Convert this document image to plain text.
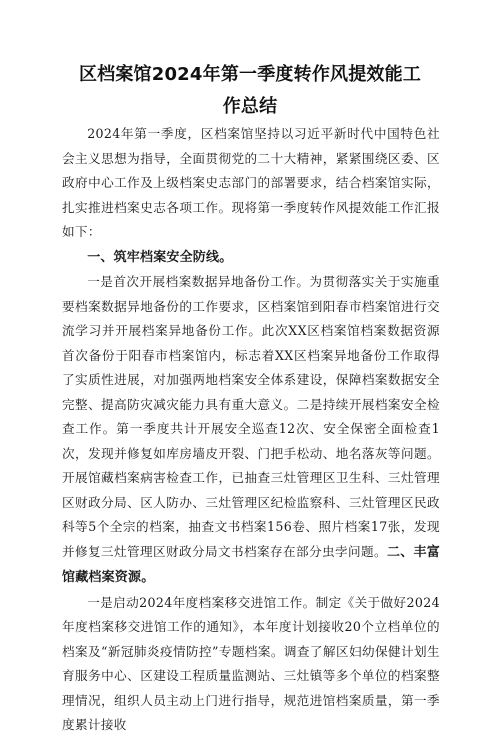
区档案馆2024年第一季度转作风提效能工
作总结

2024年第一季度，区档案馆坚持以习近平新时代中国特色社会主义思想为指导，全面贯彻党的二十大精神，紧紧围绕区委、区政府中心工作及上级档案史志部门的部署要求，结合档案馆实际，扎实推进档案史志各项工作。现将第一季度转作风提效能工作汇报如下：

一、筑牢档案安全防线。

一是首次开展档案数据异地备份工作。为贯彻落实关于实施重要档案数据异地备份的工作要求，区档案馆到阳春市档案馆进行交流学习并开展档案异地备份工作。此次XX区档案馆档案数据资源首次备份于阳春市档案馆内，标志着XX区档案异地备份工作取得了实质性进展，对加强两地档案安全体系建设，保障档案数据安全完整、提高防灾减灾能力具有重大意义。二是持续开展档案安全检查工作。第一季度共计开展安全巡查12次、安全保密全面检查1次，发现并修复如库房墙皮开裂、门把手松动、地名落灰等问题。开展馆藏档案病害检查工作，已抽查三灶管理区卫生科、三灶管理区财政分局、区人防办、三灶管理区纪检监察科、三灶管理区民政科等5个全宗的档案，抽查文书档案156卷、照片档案17张，发现并修复三灶管理区财政分局文书档案存在部分虫孛问题。二、丰富馆藏档案资源。

一是启动2024年度档案移交进馆工作。制定《关于做好2024年度档案移交进馆工作的通知》，本年度计划接收20个立档单位的档案及“新冠肺炎疫情防控”专题档案。调查了解区妇幼保健计划生育服务中心、区建设工程质量监测站、三灶镇等多个单位的档案整理情况，组织人员主动上门进行指导，规范进馆档案质量，第一季度累计接收
